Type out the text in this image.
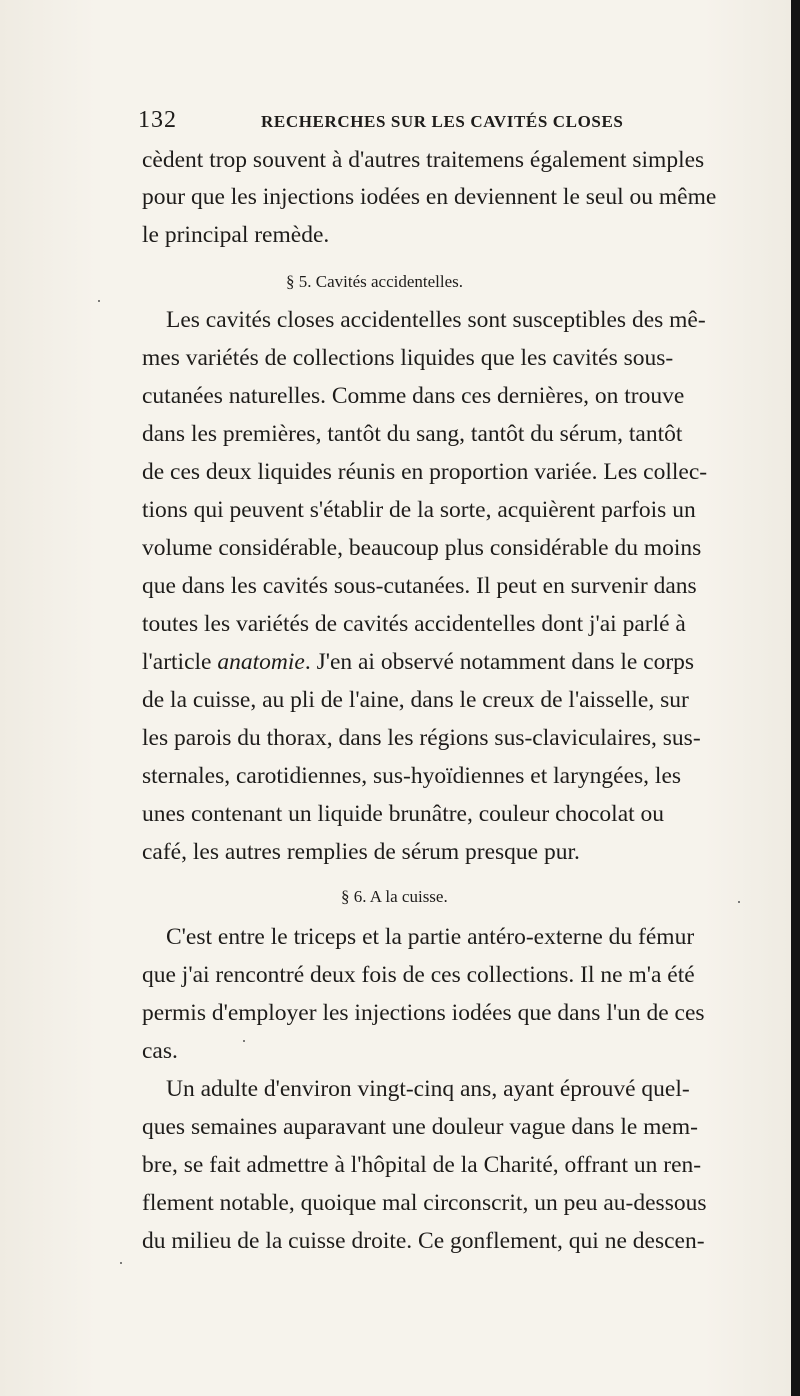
132	RECHERCHES SUR LES CAVITÉS CLOSES
cèdent trop souvent à d'autres traitemens également simples
pour que les injections iodées en deviennent le seul ou même
le principal remède.
§ 5. Cavités accidentelles.
Les cavités closes accidentelles sont susceptibles des mê-
mes variétés de collections liquides que les cavités sous-
cutanées naturelles. Comme dans ces dernières, on trouve
dans les premières, tantôt du sang, tantôt du sérum, tantôt
de ces deux liquides réunis en proportion variée. Les collec-
tions qui peuvent s'établir de la sorte, acquièrent parfois un
volume considérable, beaucoup plus considérable du moins
que dans les cavités sous-cutanées. Il peut en survenir dans
toutes les variétés de cavités accidentelles dont j'ai parlé à
l'article anatomie. J'en ai observé notamment dans le corps
de la cuisse, au pli de l'aine, dans le creux de l'aisselle, sur
les parois du thorax, dans les régions sus-claviculaires, sus-
sternales, carotidiennes, sus-hyoïdiennes et laryngées, les
unes contenant un liquide brunâtre, couleur chocolat ou
café, les autres remplies de sérum presque pur.
§ 6. A la cuisse.
C'est entre le triceps et la partie antéro-externe du fémur
que j'ai rencontré deux fois de ces collections. Il ne m'a été
permis d'employer les injections iodées que dans l'un de ces
cas.
Un adulte d'environ vingt-cinq ans, ayant éprouvé quel-
ques semaines auparavant une douleur vague dans le mem-
bre, se fait admettre à l'hôpital de la Charité, offrant un ren-
flement notable, quoique mal circonscrit, un peu au-dessous
du milieu de la cuisse droite. Ce gonflement, qui ne descen-
